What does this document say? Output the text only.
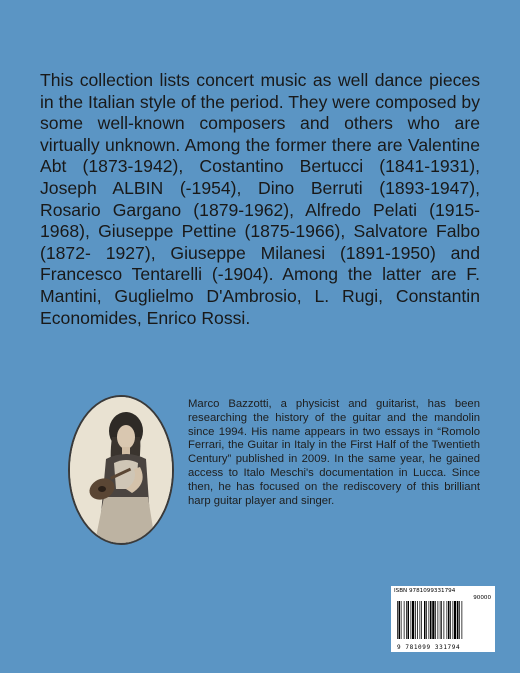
This collection lists concert music as well dance pieces in the Italian style of the period. They were composed by some well-known composers and others who are virtually unknown. Among the former there are Valentine Abt (1873-1942), Costantino Bertucci (1841-1931), Joseph ALBIN (-1954), Dino Berruti (1893-1947), Rosario Gargano (1879-1962), Alfredo Pelati (1915-1968), Giuseppe Pettine (1875-1966), Salvatore Falbo (1872- 1927), Giuseppe Milanesi (1891-1950) and Francesco Tentarelli (-1904). Among the latter are F. Mantini, Guglielmo D'Ambrosio, L. Rugi, Constantin Economides, Enrico Rossi.

Marco Bazzotti, a physicist and guitarist, has been researching the history of the guitar and the mandolin since 1994. His name appears in two essays in “Romolo Ferrari, the Guitar in Italy in the First Half of the Twentieth Century” published in 2009. In the same year, he gained access to Italo Meschi's documentation in Lucca. Since then, he has focused on the rediscovery of this brilliant harp guitar player and singer.

ISBN 9781099331794
90000
9 781099 331794
